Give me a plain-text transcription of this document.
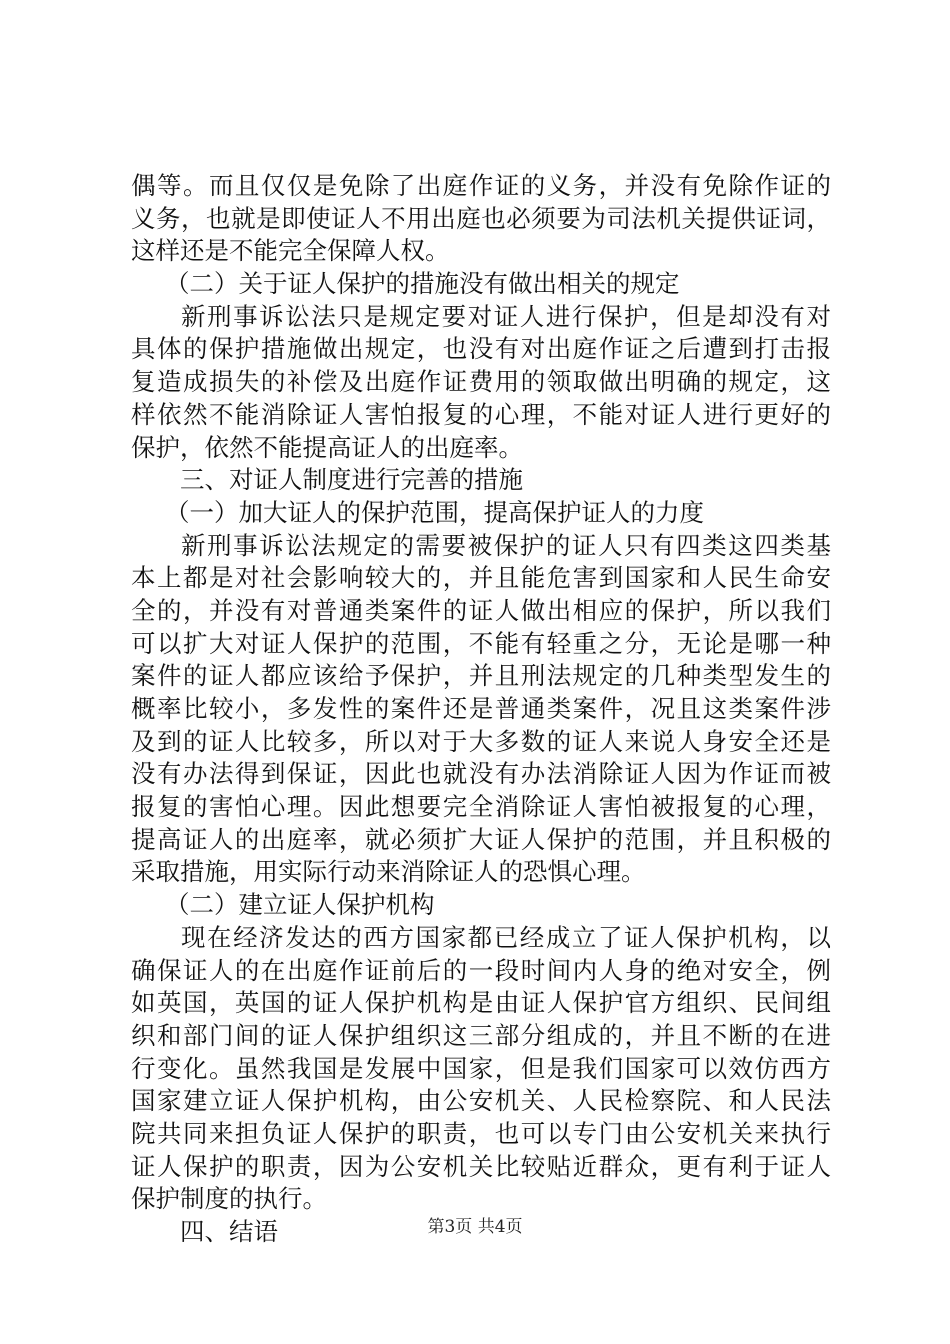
偶等。而且仅仅是免除了出庭作证的义务，并没有免除作证的
义务，也就是即使证人不用出庭也必须要为司法机关提供证词，
这样还是不能完全保障人权。
（二）关于证人保护的措施没有做出相关的规定
新刑事诉讼法只是规定要对证人进行保护，但是却没有对
具体的保护措施做出规定，也没有对出庭作证之后遭到打击报
复造成损失的补偿及出庭作证费用的领取做出明确的规定，这
样依然不能消除证人害怕报复的心理，不能对证人进行更好的
保护，依然不能提高证人的出庭率。
三、对证人制度进行完善的措施
（一）加大证人的保护范围，提高保护证人的力度
新刑事诉讼法规定的需要被保护的证人只有四类这四类基
本上都是对社会影响较大的，并且能危害到国家和人民生命安
全的，并没有对普通类案件的证人做出相应的保护，所以我们
可以扩大对证人保护的范围，不能有轻重之分，无论是哪一种
案件的证人都应该给予保护，并且刑法规定的几种类型发生的
概率比较小，多发性的案件还是普通类案件，况且这类案件涉
及到的证人比较多，所以对于大多数的证人来说人身安全还是
没有办法得到保证，因此也就没有办法消除证人因为作证而被
报复的害怕心理。因此想要完全消除证人害怕被报复的心理，
提高证人的出庭率，就必须扩大证人保护的范围，并且积极的
采取措施，用实际行动来消除证人的恐惧心理。
（二）建立证人保护机构
现在经济发达的西方国家都已经成立了证人保护机构，以
确保证人的在出庭作证前后的一段时间内人身的绝对安全，例
如英国，英国的证人保护机构是由证人保护官方组织、民间组
织和部门间的证人保护组织这三部分组成的，并且不断的在进
行变化。虽然我国是发展中国家，但是我们国家可以效仿西方
国家建立证人保护机构，由公安机关、人民检察院、和人民法
院共同来担负证人保护的职责，也可以专门由公安机关来执行
证人保护的职责，因为公安机关比较贴近群众，更有利于证人
保护制度的执行。
四、结语	第3页 共4页
